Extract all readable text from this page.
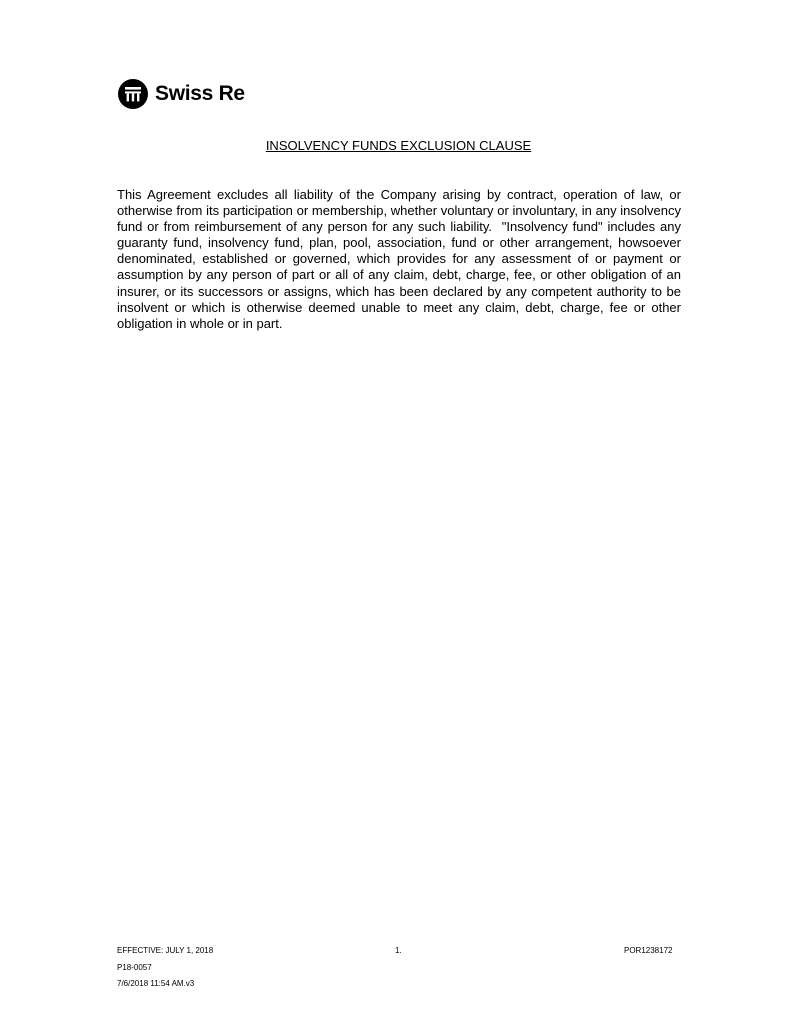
Swiss Re
INSOLVENCY FUNDS EXCLUSION CLAUSE

This Agreement excludes all liability of the Company arising by contract, operation of law, or otherwise from its participation or membership, whether voluntary or involuntary, in any insolvency fund or from reimbursement of any person for any such liability.  "Insolvency fund" includes any guaranty fund, insolvency fund, plan, pool, association, fund or other arrangement, howsoever denominated, established or governed, which provides for any assessment of or payment or assumption by any person of part or all of any claim, debt, charge, fee, or other obligation of an insurer, or its successors or assigns, which has been declared by any competent authority to be insolvent or which is otherwise deemed unable to meet any claim, debt, charge, fee or other obligation in whole or in part.

EFFECTIVE: JULY 1, 2018	1.	POR1238172
P18-0057
7/6/2018 11:54 AM.v3
